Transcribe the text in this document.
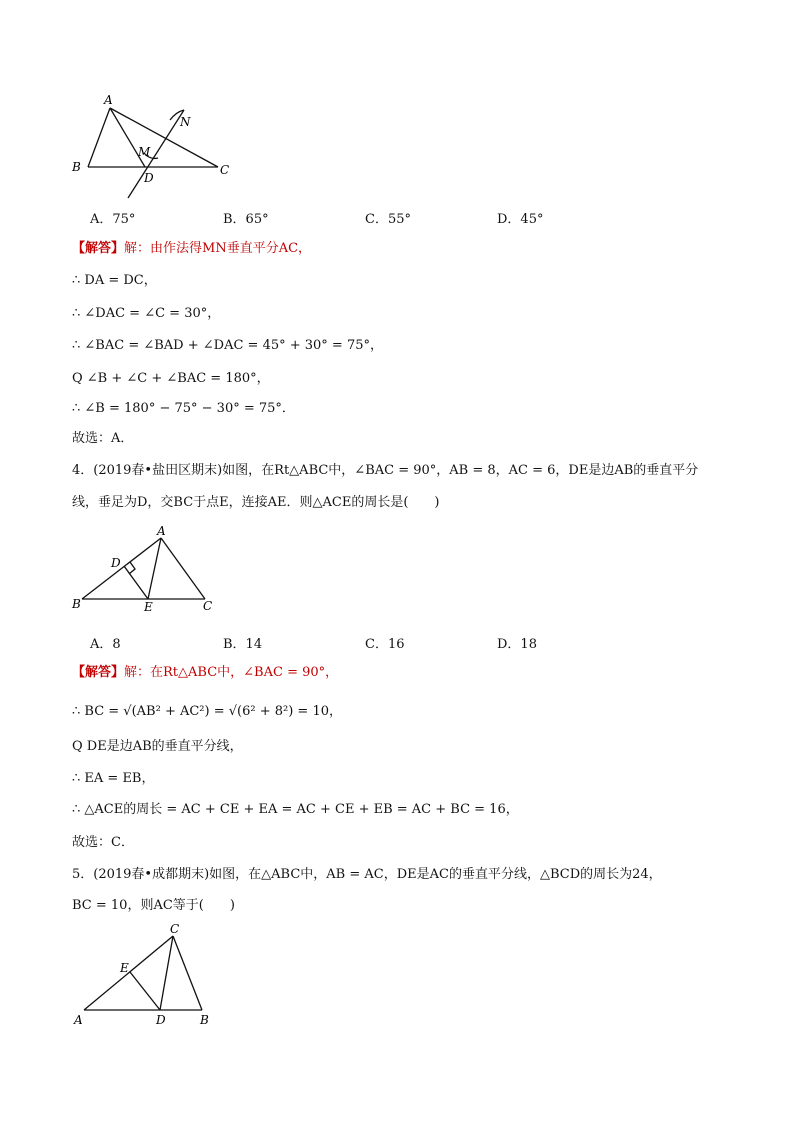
A
B	C
M
N
D
A．75°	B．65°	C．55°	D．45°
【解答】解：由作法得MN垂直平分AC，
∴ DA = DC，
∴ ∠DAC = ∠C = 30°，
∴ ∠BAC = ∠BAD + ∠DAC = 45° + 30° = 75°，
Q ∠B + ∠C + ∠BAC = 180°，
∴ ∠B = 180° − 75° − 30° = 75°．
故选：A．
4．(2019春•盐田区期末)如图，在Rt△ABC中，∠BAC = 90°，AB = 8，AC = 6，DE是边AB的垂直平分
线，垂足为D，交BC于点E，连接AE．则△ACE的周长是(　　)
A
D
B	E	C
A．8	B．14	C．16	D．18
【解答】解：在Rt△ABC中，∠BAC = 90°，
∴ BC = √(AB² + AC²) = √(6² + 8²) = 10，
Q DE是边AB的垂直平分线，
∴ EA = EB，
∴ △ACE的周长 = AC + CE + EA = AC + CE + EB = AC + BC = 16，
故选：C．
5．(2019春•成都期末)如图，在△ABC中，AB = AC，DE是AC的垂直平分线，△BCD的周长为24，
BC = 10，则AC等于(　　)
C
E
A	D	B
